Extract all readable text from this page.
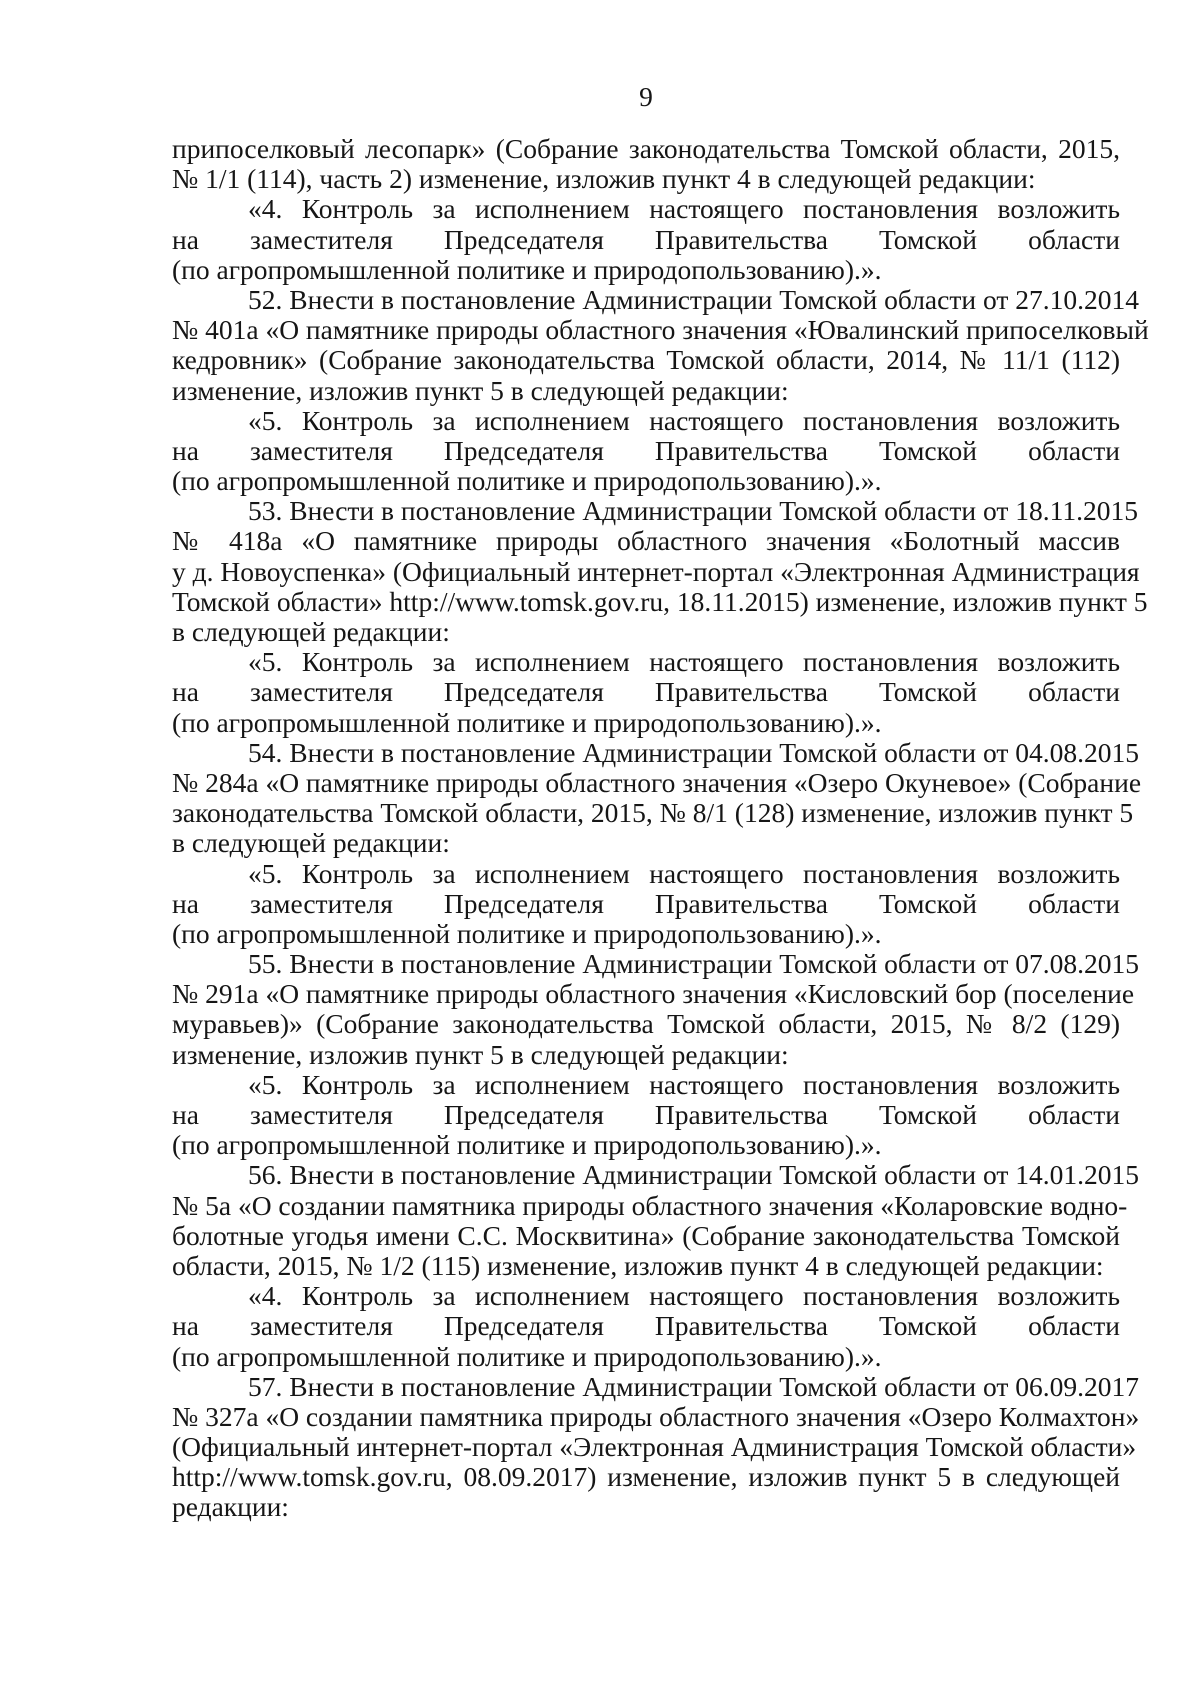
9
припоселковый лесопарк» (Собрание законодательства Томской области, 2015,
№ 1/1 (114), часть 2) изменение, изложив пункт 4 в следующей редакции:
«4. Контроль за исполнением настоящего постановления возложить
на заместителя Председателя Правительства Томской области
(по агропромышленной политике и природопользованию).».
52. Внести в постановление Администрации Томской области от 27.10.2014
№ 401а «О памятнике природы областного значения «Ювалинский припоселковый
кедровник» (Собрание законодательства Томской области, 2014, № 11/1 (112)
изменение, изложив пункт 5 в следующей редакции:
«5. Контроль за исполнением настоящего постановления возложить
на заместителя Председателя Правительства Томской области
(по агропромышленной политике и природопользованию).».
53. Внести в постановление Администрации Томской области от 18.11.2015
№ 418а «О памятнике природы областного значения «Болотный массив
у д. Новоуспенка» (Официальный интернет-портал «Электронная Администрация
Томской области» http://www.tomsk.gov.ru, 18.11.2015) изменение, изложив пункт 5
в следующей редакции:
«5. Контроль за исполнением настоящего постановления возложить
на заместителя Председателя Правительства Томской области
(по агропромышленной политике и природопользованию).».
54. Внести в постановление Администрации Томской области от 04.08.2015
№ 284а «О памятнике природы областного значения «Озеро Окуневое» (Собрание
законодательства Томской области, 2015, № 8/1 (128) изменение, изложив пункт 5
в следующей редакции:
«5. Контроль за исполнением настоящего постановления возложить
на заместителя Председателя Правительства Томской области
(по агропромышленной политике и природопользованию).».
55. Внести в постановление Администрации Томской области от 07.08.2015
№ 291а «О памятнике природы областного значения «Кисловский бор (поселение
муравьев)» (Собрание законодательства Томской области, 2015, № 8/2 (129)
изменение, изложив пункт 5 в следующей редакции:
«5. Контроль за исполнением настоящего постановления возложить
на заместителя Председателя Правительства Томской области
(по агропромышленной политике и природопользованию).».
56. Внести в постановление Администрации Томской области от 14.01.2015
№ 5а «О создании памятника природы областного значения «Коларовские водно-
болотные угодья имени С.С. Москвитина» (Собрание законодательства Томской
области, 2015, № 1/2 (115) изменение, изложив пункт 4 в следующей редакции:
«4. Контроль за исполнением настоящего постановления возложить
на заместителя Председателя Правительства Томской области
(по агропромышленной политике и природопользованию).».
57. Внести в постановление Администрации Томской области от 06.09.2017
№ 327а «О создании памятника природы областного значения «Озеро Колмахтон»
(Официальный интернет-портал «Электронная Администрация Томской области»
http://www.tomsk.gov.ru, 08.09.2017) изменение, изложив пункт 5 в следующей
редакции:
